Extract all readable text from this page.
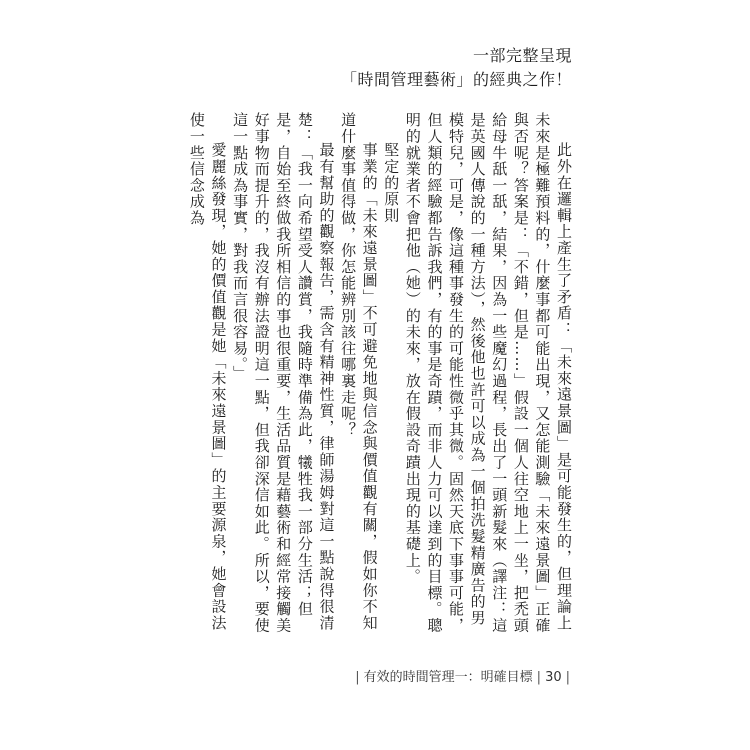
一部完整呈現
「時間管理藝術」的經典之作！

此外在邏輯上產生了矛盾：「未來遠景圖」是可能發生的，但理論上未來是極難預料的，什麼事都可能出現，又怎能測驗「未來遠景圖」正確與否呢？答案是：「不錯，但是……」假設一個人往空地上一坐，把禿頭給母牛舐一舐，結果，因為一些魔幻過程，長出了一頭新髮來（譯注：這是英國人傳說的一種方法），然後他也許可以成為一個拍洗髮精廣告的男模特兒，可是，像這種事發生的可能性微乎其微。固然天底下事事可能，但人類的經驗都告訴我們，有的事是奇蹟，而非人力可以達到的目標。聰明的就業者不會把他（她）的未來，放在假設奇蹟出現的基礎上。

堅定的原則

事業的「未來遠景圖」不可避免地與信念與價值觀有關，假如你不知道什麼事值得做，你怎能辨別該往哪裏走呢？

最有幫助的觀察報告，需含有精神性質，律師湯姆對這一點說得很清楚：「我一向希望受人讚賞，我隨時準備為此，犧牲我一部分生活；但是，自始至終做我所相信的事也很重要，生活品質是藉藝術和經常接觸美好事物而提升的，我沒有辦法證明這一點，但我卻深信如此。所以，要使這一點成為事實，對我而言很容易。」

愛麗絲發現，她的價值觀是她「未來遠景圖」的主要源泉，她會設法使一些信念成為

| 有效的時間管理一：明確目標 | 30 |
